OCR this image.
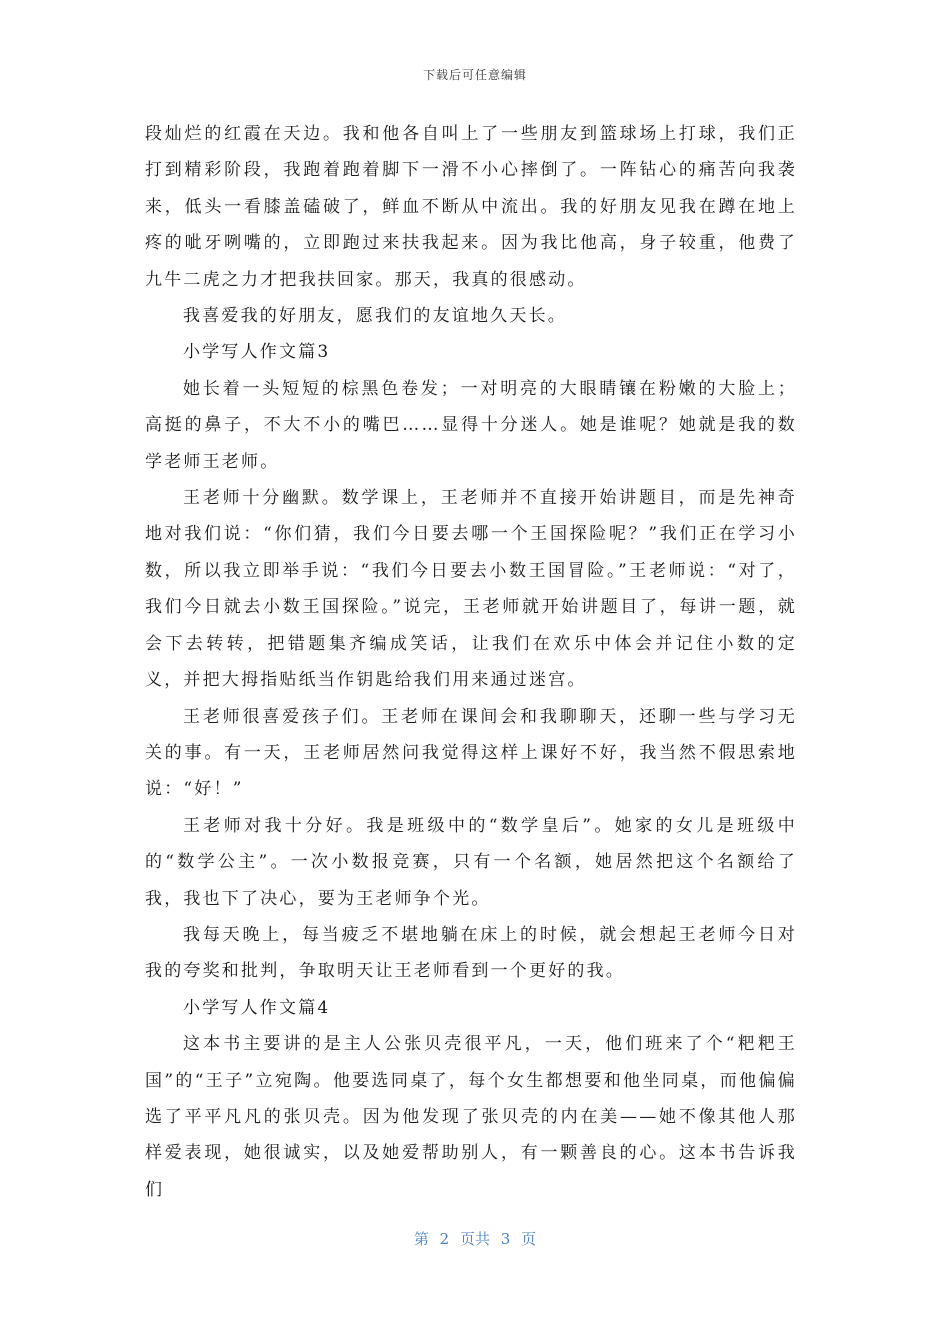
下载后可任意编辑

段灿烂的红霞在天边。我和他各自叫上了一些朋友到篮球场上打球，我们正打到精彩阶段，我跑着跑着脚下一滑不小心摔倒了。一阵钻心的痛苦向我袭来，低头一看膝盖磕破了，鲜血不断从中流出。我的好朋友见我在蹲在地上疼的呲牙咧嘴的，立即跑过来扶我起来。因为我比他高，身子较重，他费了九牛二虎之力才把我扶回家。那天，我真的很感动。

我喜爱我的好朋友，愿我们的友谊地久天长。

小学写人作文篇3

她长着一头短短的棕黑色卷发；一对明亮的大眼睛镶在粉嫩的大脸上；高挺的鼻子，不大不小的嘴巴……显得十分迷人。她是谁呢？她就是我的数学老师王老师。

王老师十分幽默。数学课上，王老师并不直接开始讲题目，而是先神奇地对我们说：“你们猜，我们今日要去哪一个王国探险呢？”我们正在学习小数，所以我立即举手说：“我们今日要去小数王国冒险。”王老师说：“对了，我们今日就去小数王国探险。”说完，王老师就开始讲题目了，每讲一题，就会下去转转，把错题集齐编成笑话，让我们在欢乐中体会并记住小数的定义，并把大拇指贴纸当作钥匙给我们用来通过迷宫。

王老师很喜爱孩子们。王老师在课间会和我聊聊天，还聊一些与学习无关的事。有一天，王老师居然问我觉得这样上课好不好，我当然不假思索地说：“好！”

王老师对我十分好。我是班级中的“数学皇后”。她家的女儿是班级中的“数学公主”。一次小数报竞赛，只有一个名额，她居然把这个名额给了我，我也下了决心，要为王老师争个光。

我每天晚上，每当疲乏不堪地躺在床上的时候，就会想起王老师今日对我的夸奖和批判，争取明天让王老师看到一个更好的我。

小学写人作文篇4

这本书主要讲的是主人公张贝壳很平凡，一天，他们班来了个“粑粑王国”的“王子”立宛陶。他要选同桌了，每个女生都想要和他坐同桌，而他偏偏选了平平凡凡的张贝壳。因为他发现了张贝壳的内在美——她不像其他人那样爱表现，她很诚实，以及她爱帮助别人，有一颗善良的心。这本书告诉我们

第 2 页共 3 页
